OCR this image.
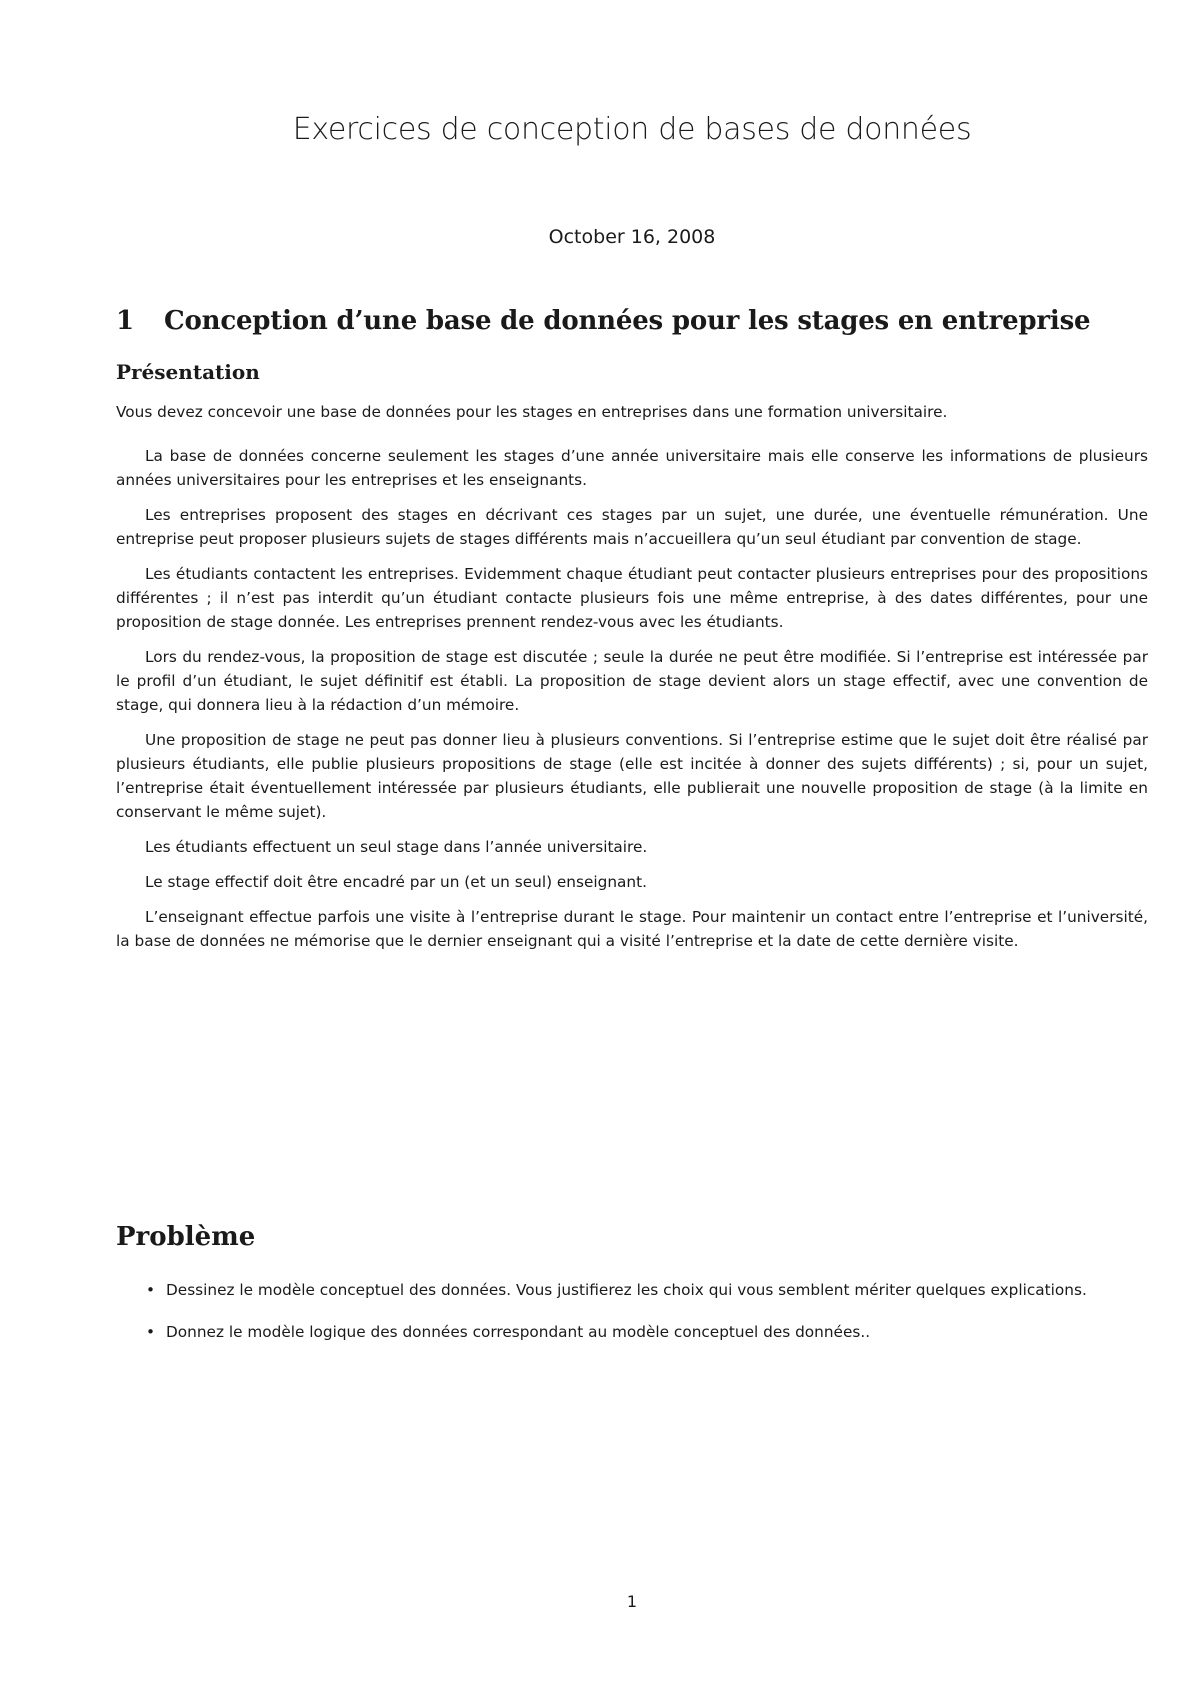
Exercices de conception de bases de données
October 16, 2008
1 Conception d’une base de données pour les stages en entreprise
Présentation

Vous devez concevoir une base de données pour les stages en entreprises dans une formation universitaire.

La base de données concerne seulement les stages d’une année universitaire mais elle conserve les informations de plusieurs années universitaires pour les entreprises et les enseignants.

Les entreprises proposent des stages en décrivant ces stages par un sujet, une durée, une éventuelle rémunération. Une entreprise peut proposer plusieurs sujets de stages différents mais n’accueillera qu’un seul étudiant par convention de stage.

Les étudiants contactent les entreprises. Evidemment chaque étudiant peut contacter plusieurs entreprises pour des propositions différentes ; il n’est pas interdit qu’un étudiant contacte plusieurs fois une même entreprise, à des dates différentes, pour une proposition de stage donnée. Les entreprises prennent rendez-vous avec les étudiants.

Lors du rendez-vous, la proposition de stage est discutée ; seule la durée ne peut être modifiée. Si l’entreprise est intéressée par le profil d’un étudiant, le sujet définitif est établi. La proposition de stage devient alors un stage effectif, avec une convention de stage, qui donnera lieu à la rédaction d’un mémoire.

Une proposition de stage ne peut pas donner lieu à plusieurs conventions. Si l’entreprise estime que le sujet doit être réalisé par plusieurs étudiants, elle publie plusieurs propositions de stage (elle est incitée à donner des sujets différents) ; si, pour un sujet, l’entreprise était éventuellement intéressée par plusieurs étudiants, elle publierait une nouvelle proposition de stage (à la limite en conservant le même sujet).

Les étudiants effectuent un seul stage dans l’année universitaire.

Le stage effectif doit être encadré par un (et un seul) enseignant.

L’enseignant effectue parfois une visite à l’entreprise durant le stage. Pour maintenir un contact entre l’entreprise et l’université, la base de données ne mémorise que le dernier enseignant qui a visité l’entreprise et la date de cette dernière visite.

Problème
• Dessinez le modèle conceptuel des données. Vous justifierez les choix qui vous semblent mériter quelques explications.
• Donnez le modèle logique des données correspondant au modèle conceptuel des données..
1
